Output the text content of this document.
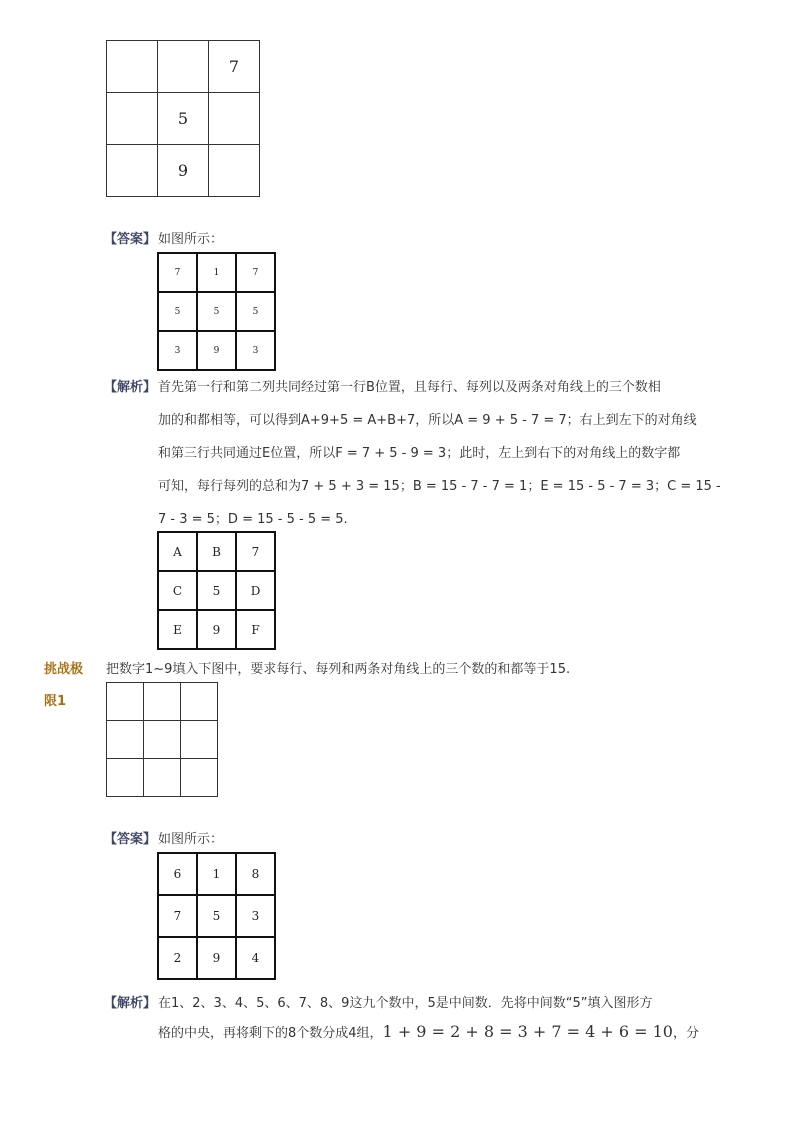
		7
	5	
	9	
【答案】 如图所示：
7	1	7
5	5	5
3	9	3
【解析】 首先第一行和第二列共同经过第一行B位置，且每行、每列以及两条对角线上的三个数相
加的和都相等，可以得到A+9+5 = A+B+7，所以A = 9 + 5 - 7 = 7；右上到左下的对角线
和第三行共同通过E位置，所以F = 7 + 5 - 9 = 3；此时，左上到右下的对角线上的数字都
可知，每行每列的总和为7 + 5 + 3 = 15；B = 15 - 7 - 7 = 1；E = 15 - 5 - 7 = 3；C = 15 -
7 - 3 = 5；D = 15 - 5 - 5 = 5.
A	B	7
C	5	D
E	9	F
挑战极
限1
把数字1~9填入下图中，要求每行、每列和两条对角线上的三个数的和都等于15.

【答案】 如图所示：
6	1	8
7	5	3
2	9	4
【解析】 在1、2、3、4、5、6、7、8、9这九个数中，5是中间数．先将中间数“5”填入图形方
格的中央，再将剩下的8个数分成4组，1 + 9 = 2 + 8 = 3 + 7 = 4 + 6 = 10，分
